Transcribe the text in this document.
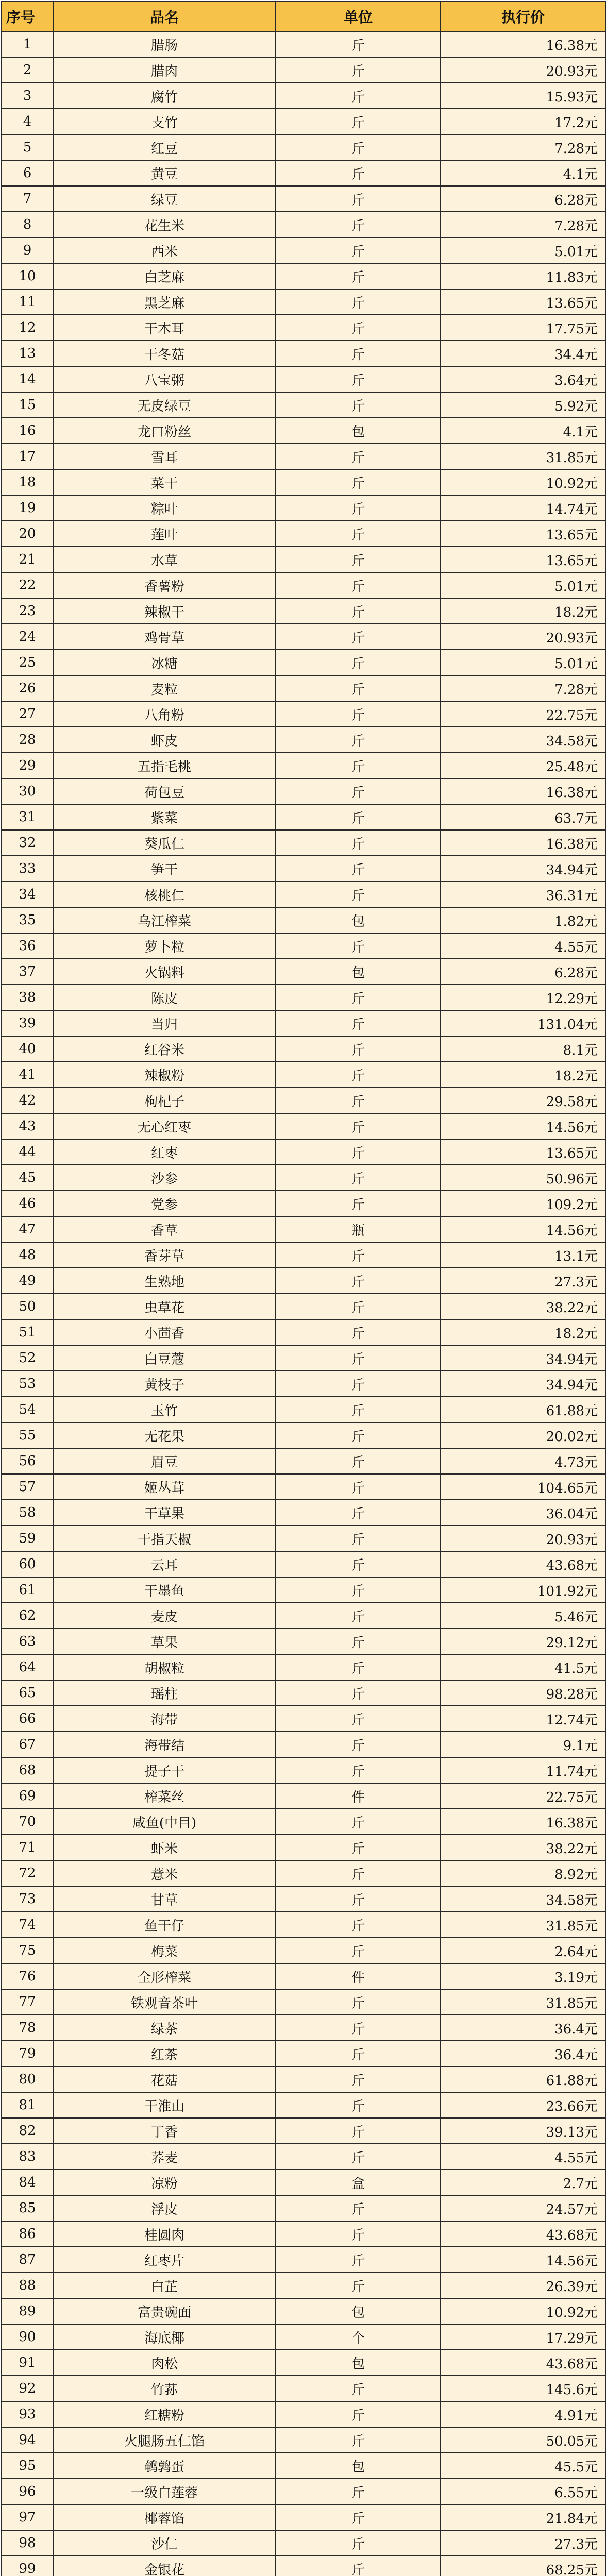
序号	品名	单位	执行价
1	腊肠	斤	16.38元
2	腊肉	斤	20.93元
3	腐竹	斤	15.93元
4	支竹	斤	17.2元
5	红豆	斤	7.28元
6	黄豆	斤	4.1元
7	绿豆	斤	6.28元
8	花生米	斤	7.28元
9	西米	斤	5.01元
10	白芝麻	斤	11.83元
11	黑芝麻	斤	13.65元
12	干木耳	斤	17.75元
13	干冬菇	斤	34.4元
14	八宝粥	斤	3.64元
15	无皮绿豆	斤	5.92元
16	龙口粉丝	包	4.1元
17	雪耳	斤	31.85元
18	菜干	斤	10.92元
19	粽叶	斤	14.74元
20	莲叶	斤	13.65元
21	水草	斤	13.65元
22	香薯粉	斤	5.01元
23	辣椒干	斤	18.2元
24	鸡骨草	斤	20.93元
25	冰糖	斤	5.01元
26	麦粒	斤	7.28元
27	八角粉	斤	22.75元
28	虾皮	斤	34.58元
29	五指毛桃	斤	25.48元
30	荷包豆	斤	16.38元
31	紫菜	斤	63.7元
32	葵瓜仁	斤	16.38元
33	笋干	斤	34.94元
34	核桃仁	斤	36.31元
35	乌江榨菜	包	1.82元
36	萝卜粒	斤	4.55元
37	火锅料	包	6.28元
38	陈皮	斤	12.29元
39	当归	斤	131.04元
40	红谷米	斤	8.1元
41	辣椒粉	斤	18.2元
42	枸杞子	斤	29.58元
43	无心红枣	斤	14.56元
44	红枣	斤	13.65元
45	沙参	斤	50.96元
46	党参	斤	109.2元
47	香草	瓶	14.56元
48	香芽草	斤	13.1元
49	生熟地	斤	27.3元
50	虫草花	斤	38.22元
51	小茴香	斤	18.2元
52	白豆蔻	斤	34.94元
53	黄枝子	斤	34.94元
54	玉竹	斤	61.88元
55	无花果	斤	20.02元
56	眉豆	斤	4.73元
57	姬丛茸	斤	104.65元
58	干草果	斤	36.04元
59	干指天椒	斤	20.93元
60	云耳	斤	43.68元
61	干墨鱼	斤	101.92元
62	麦皮	斤	5.46元
63	草果	斤	29.12元
64	胡椒粒	斤	41.5元
65	瑶柱	斤	98.28元
66	海带	斤	12.74元
67	海带结	斤	9.1元
68	提子干	斤	11.74元
69	榨菜丝	件	22.75元
70	咸鱼(中目)	斤	16.38元
71	虾米	斤	38.22元
72	薏米	斤	8.92元
73	甘草	斤	34.58元
74	鱼干仔	斤	31.85元
75	梅菜	斤	2.64元
76	全形榨菜	件	3.19元
77	铁观音茶叶	斤	31.85元
78	绿茶	斤	36.4元
79	红茶	斤	36.4元
80	花菇	斤	61.88元
81	干淮山	斤	23.66元
82	丁香	斤	39.13元
83	荞麦	斤	4.55元
84	凉粉	盒	2.7元
85	浮皮	斤	24.57元
86	桂圆肉	斤	43.68元
87	红枣片	斤	14.56元
88	白芷	斤	26.39元
89	富贵碗面	包	10.92元
90	海底椰	个	17.29元
91	肉松	包	43.68元
92	竹荪	斤	145.6元
93	红糖粉	斤	4.91元
94	火腿肠五仁馅	斤	50.05元
95	鹌鹑蛋	包	45.5元
96	一级白莲蓉	斤	6.55元
97	椰蓉馅	斤	21.84元
98	沙仁	斤	27.3元
99	金银花	斤	68.25元
